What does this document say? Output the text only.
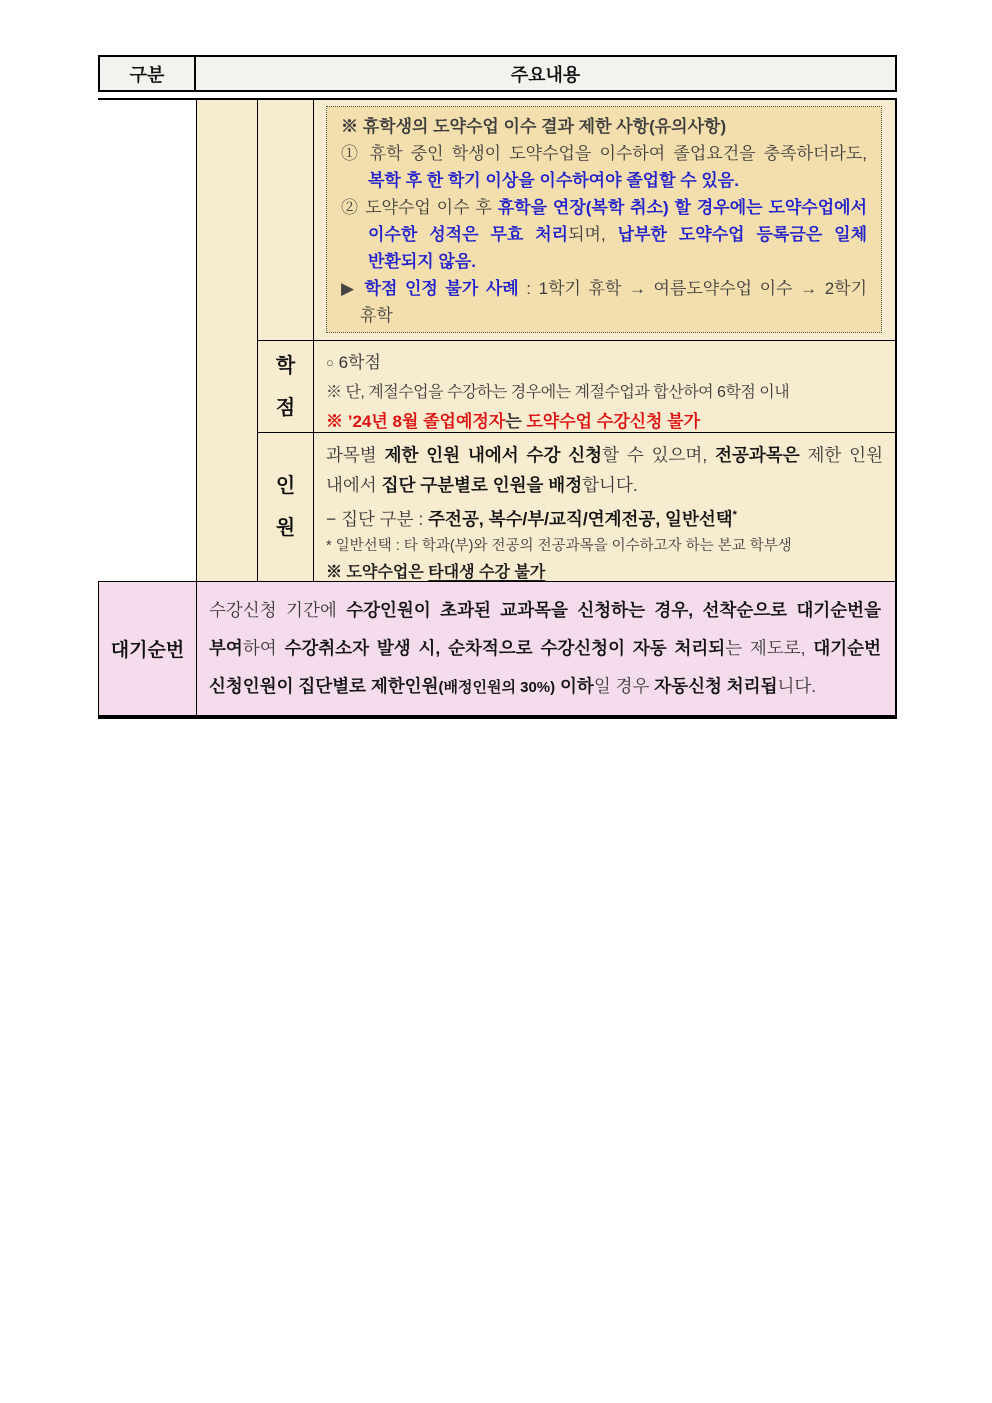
구분	주요내용

※ 휴학생의 도약수업 이수 결과 제한 사항(유의사항)

① 휴학 중인 학생이 도약수업을 이수하여 졸업요건을 충족하더라도, 복학 후 한 학기 이상을 이수하여야 졸업할 수 있음.

② 도약수업 이수 후 휴학을 연장(복학 취소) 할 경우에는 도약수업에서 이수한 성적은 무효 처리되며, 납부한 도약수업 등록금은 일체 반환되지 않음.

▶ 학점 인정 불가 사례 : 1학기 휴학 → 여름도약수업 이수 → 2학기 휴학

학점

○ 6학점

※ 단, 계절수업을 수강하는 경우에는 계절수업과 합산하여 6학점 이내

※ ’24년 8월 졸업예정자는 도약수업 수강신청 불가

인원

과목별 제한 인원 내에서 수강 신청할 수 있으며, 전공과목은 제한 인원 내에서 집단 구분별로 인원을 배정합니다.

− 집단 구분 : 주전공, 복수/부/교직/연계전공, 일반선택*

* 일반선택 : 타 학과(부)와 전공의 전공과목을 이수하고자 하는 본교 학부생

※ 도약수업은 타대생 수강 불가

대기순번

수강신청 기간에 수강인원이 초과된 교과목을 신청하는 경우, 선착순으로 대기순번을 부여하여 수강취소자 발생 시, 순차적으로 수강신청이 자동 처리되는 제도로, 대기순번 신청인원이 집단별로 제한인원(배정인원의 30%) 이하일 경우 자동신청 처리됩니다.
